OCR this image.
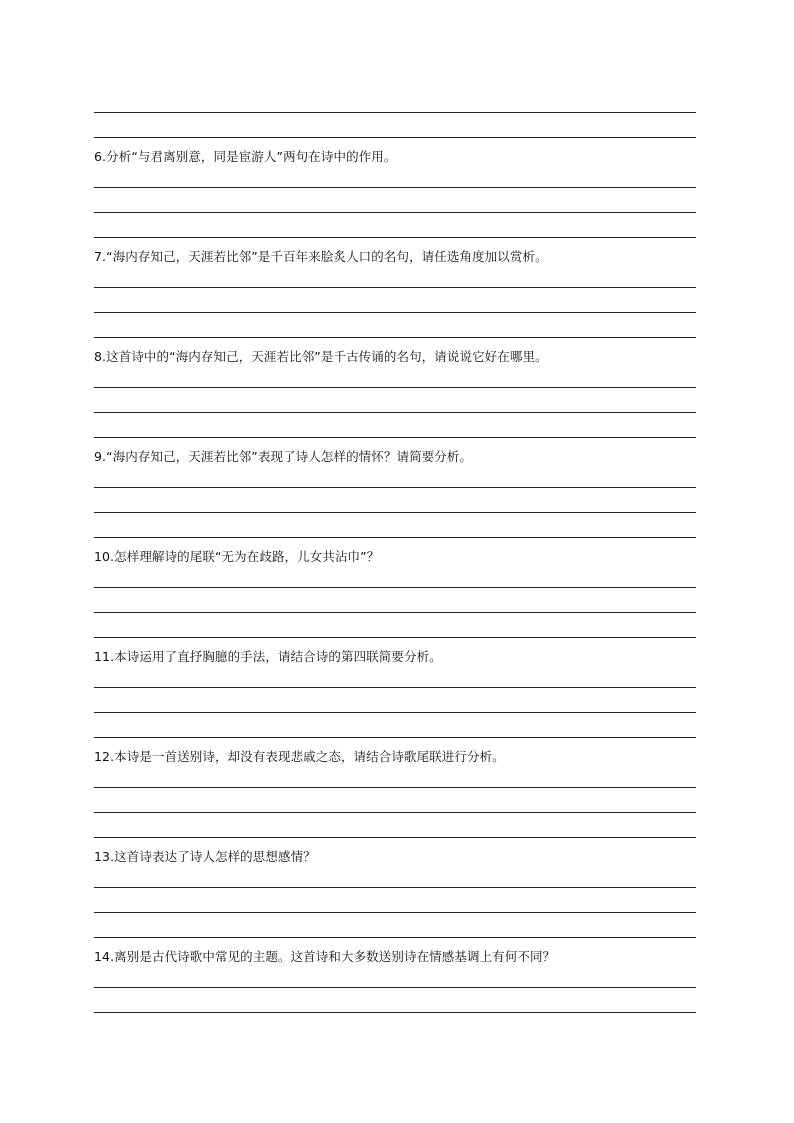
6.分析“与君离别意，同是宦游人”两句在诗中的作用。
7.“海内存知己，天涯若比邻”是千百年来脍炙人口的名句，请任选角度加以赏析。
8.这首诗中的“海内存知己，天涯若比邻”是千古传诵的名句，请说说它好在哪里。
9.“海内存知己，天涯若比邻”表现了诗人怎样的情怀？请简要分析。
10.怎样理解诗的尾联“无为在歧路，儿女共沾巾”？
11.本诗运用了直抒胸臆的手法，请结合诗的第四联简要分析。
12.本诗是一首送别诗，却没有表现悲戚之态，请结合诗歌尾联进行分析。
13.这首诗表达了诗人怎样的思想感情？
14.离别是古代诗歌中常见的主题。这首诗和大多数送别诗在情感基调上有何不同？
